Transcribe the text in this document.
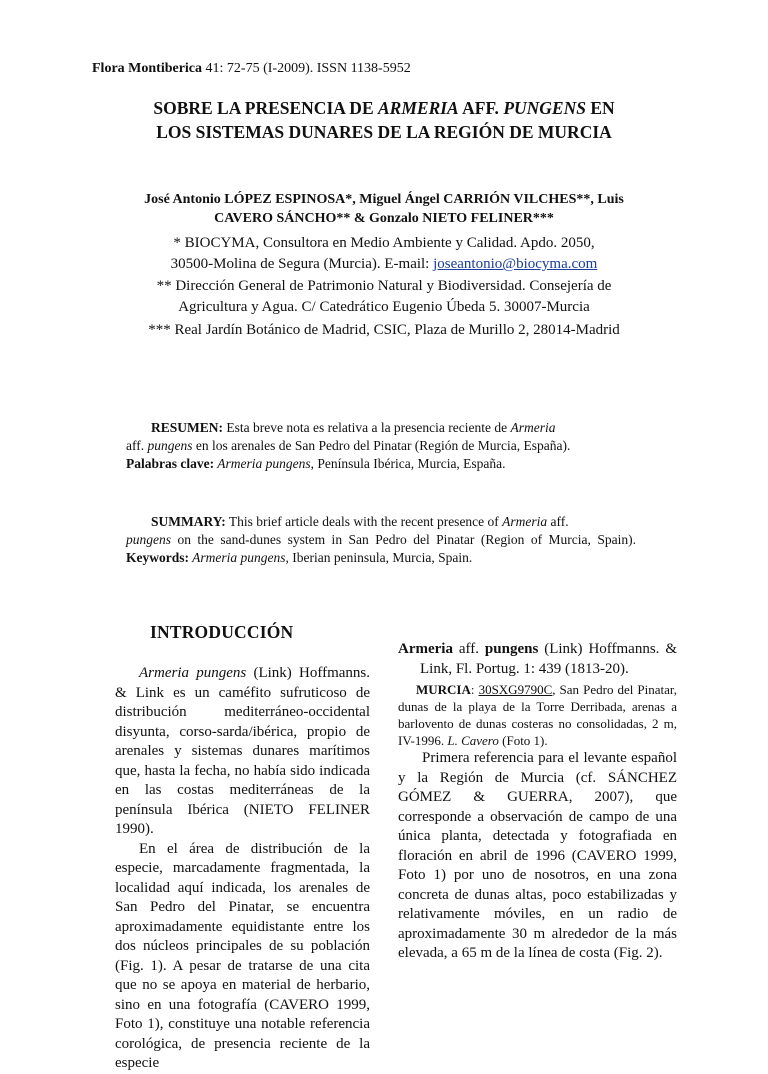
Flora Montiberica 41: 72-75 (I-2009). ISSN 1138-5952
SOBRE LA PRESENCIA DE ARMERIA AFF. PUNGENS EN
LOS SISTEMAS DUNARES DE LA REGIÓN DE MURCIA
José Antonio LÓPEZ ESPINOSA*, Miguel Ángel CARRIÓN VILCHES**, Luis
CAVERO SÁNCHO** & Gonzalo NIETO FELINER***
* BIOCYMA, Consultora en Medio Ambiente y Calidad. Apdo. 2050,
30500-Molina de Segura (Murcia). E-mail: joseantonio@biocyma.com
** Dirección General de Patrimonio Natural y Biodiversidad. Consejería de
Agricultura y Agua. C/ Catedrático Eugenio Úbeda 5. 30007-Murcia
*** Real Jardín Botánico de Madrid, CSIC, Plaza de Murillo 2, 28014-Madrid
RESUMEN: Esta breve nota es relativa a la presencia reciente de Armeria
aff. pungens en los arenales de San Pedro del Pinatar (Región de Murcia, España).
Palabras clave: Armeria pungens, Península Ibérica, Murcia, España.
SUMMARY: This brief article deals with the recent presence of Armeria aff.
pungens on the sand-dunes system in San Pedro del Pinatar (Region of Murcia, Spain). Keywords: Armeria pungens, Iberian peninsula, Murcia, Spain.
INTRODUCCIÓN

Armeria pungens (Link) Hoffmanns. & Link es un caméfito sufruticoso de distribución mediterráneo-occidental disyunta, corso-sarda/ibérica, propio de arenales y sistemas dunares marítimos que, hasta la fecha, no había sido indicada en las costas mediterráneas de la península Ibérica (NIETO FELINER 1990).

En el área de distribución de la especie, marcadamente fragmentada, la localidad aquí indicada, los arenales de San Pedro del Pinatar, se encuentra aproximadamente equidistante entre los dos núcleos principales de su población (Fig. 1). A pesar de tratarse de una cita que no se apoya en material de herbario, sino en una fotografía (CAVERO 1999, Foto 1), constituye una notable referencia corológica, de presencia reciente de la especie

Armeria aff. pungens (Link) Hoffmanns. & Link, Fl. Portug. 1: 439 (1813-20).

MURCIA: 30SXG9790C, San Pedro del Pinatar, dunas de la playa de la Torre Derribada, arenas a barlovento de dunas costeras no consolidadas, 2 m, IV-1996. L. Cavero (Foto 1).

Primera referencia para el levante español y la Región de Murcia (cf. SÁNCHEZ GÓMEZ & GUERRA, 2007), que corresponde a observación de campo de una única planta, detectada y fotografiada en floración en abril de 1996 (CAVERO 1999, Foto 1) por uno de nosotros, en una zona concreta de dunas altas, poco estabilizadas y relativamente móviles, en un radio de aproximadamente 30 m alrededor de la más elevada, a 65 m de la línea de costa (Fig. 2).
